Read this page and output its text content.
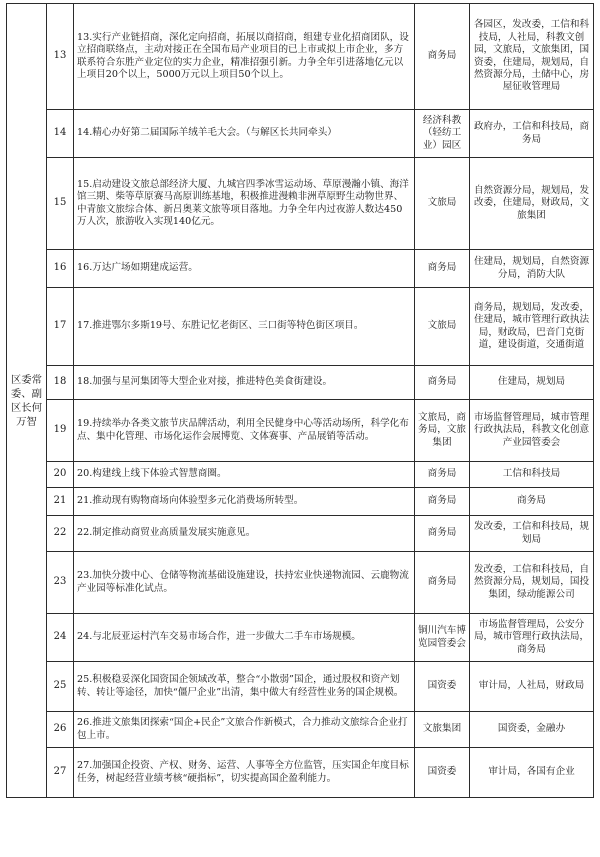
区委常委、副区长何万智	13	13.实行产业链招商，深化定向招商，拓展以商招商，组建专业化招商团队，设立招商联络点，主动对接正在全国布局产业项目的已上市或拟上市企业，多方联系符合东胜产业定位的实力企业，精准招强引新。力争全年引进落地亿元以上项目20个以上，5000万元以上项目50个以上。	商务局	各园区，发改委，工信和科技局，人社局，科教文创园，文旅局，文旅集团，国资委，住建局，规划局，自然资源分局，土储中心，房屋征收管理局
	14	14.精心办好第二届国际羊绒羊毛大会。（与解区长共同牵头）	经济科教（轻纺工业）园区	政府办，工信和科技局，商务局
	15	15.启动建设文旅总部经济大厦、九城宫四季冰雪运动场、草原漫瀚小镇、海洋馆三期、柴等草原赛马高原训练基地，积极推进漫赖非洲草原野生动物世界、中青旅文旅综合体、新吕奥莱文旅等项目落地。力争全年内过夜游人数达450万人次，旅游收入实现140亿元。	文旅局	自然资源分局，规划局，发改委，住建局，财政局，文旅集团
	16	16.万达广场如期建成运营。	商务局	住建局，规划局，自然资源分局，消防大队
	17	17.推进鄂尔多斯19号、东胜记忆老街区、三口街等特色街区项目。	文旅局	商务局，规划局，发改委，住建局，城市管理行政执法局，财政局，巴音门克街道，建设街道，交通街道
	18	18.加强与星河集团等大型企业对接，推进特色美食街建设。	商务局	住建局，规划局
	19	19.持续举办各类文旅节庆品牌活动，利用全民健身中心等活动场所，科学化布点、集中化管理、市场化运作会展博览、文体赛事、产品展销等活动。	文旅局，商务局，文旅集团	市场监督管理局，城市管理行政执法局，科教文化创意产业园管委会
	20	20.构建线上线下体验式智慧商圈。	商务局	工信和科技局
	21	21.推动现有购物商场向体验型多元化消费场所转型。	商务局	商务局
	22	22.制定推动商贸业高质量发展实施意见。	商务局	发改委，工信和科技局，规划局
	23	23.加快分拨中心、仓储等物流基础设施建设，扶持宏业快递物流园、云鹿物流产业园等标准化试点。	商务局	发改委，工信和科技局，自然资源分局，规划局，国投集团，绿动能源公司
	24	24.与北辰亚运村汽车交易市场合作，进一步做大二手车市场规模。	铜川汽车博览园管委会	市场监督管理局，公安分局，城市管理行政执法局，商务局
	25	25.积极稳妥深化国资国企领域改革，整合“小散弱”国企，通过股权和资产划转、转让等途径，加快“僵尸企业”出清，集中做大有经营性业务的国企规模。	国资委	审计局，人社局，财政局
	26	26.推进文旅集团探索“国企+民企”文旅合作新模式，合力推动文旅综合企业打包上市。	文旅集团	国资委，金融办
	27	27.加强国企投资、产权、财务、运营、人事等全方位监管，压实国企年度目标任务，树起经营业绩考核“硬指标”，切实提高国企盈利能力。	国资委	审计局，各国有企业
